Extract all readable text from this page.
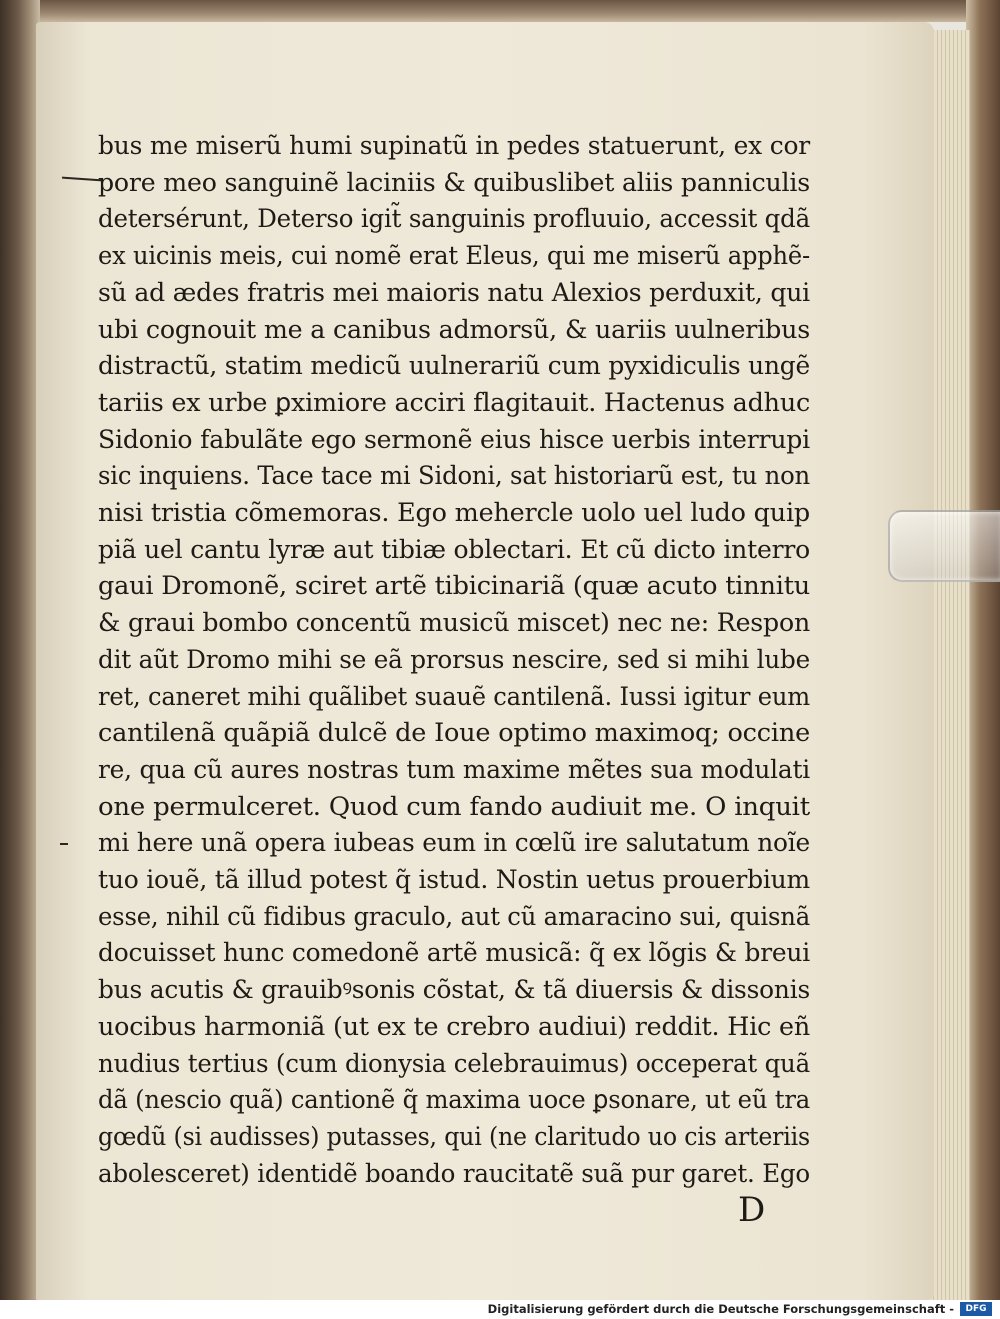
bus me miserũ humi supinatũ in pedes statuerunt, ex cor
pore meo sanguinẽ laciniis & quibuslibet aliis panniculis
detersérunt, Deterso igit̃ sanguinis profluuio, accessit qdã
ex uicinis meis, cui nomẽ erat Eleus, qui me miserũ apphẽ-
sũ ad ædes fratris mei maioris natu Alexios perduxit, qui
ubi cognouit me a canibus admorsũ, & uariis uulneribus
distractũ, statim medicũ uulnerariũ cum pyxidiculis ungẽ
tariis ex urbe ꝑximiore acciri flagitauit. Hactenus adhuc
Sidonio fabulãte ego sermonẽ eius hisce uerbis interrupi
sic inquiens. Tace tace mi Sidoni, sat historiarũ est, tu non
nisi tristia cõmemoras. Ego mehercle uolo uel ludo quip
piã uel cantu lyræ aut tibiæ oblectari. Et cũ dicto interro
gaui Dromonẽ, sciret artẽ tibicinariã (quæ acuto tinnitu
& graui bombo concentũ musicũ miscet) nec ne: Respon
dit aũt Dromo mihi se eã prorsus nescire, sed si mihi lube
ret, caneret mihi quãlibet suauẽ cantilenã. Iussi igitur eum
cantilenã quãpiã dulcẽ de Ioue optimo maximoq; occine
re, qua cũ aures nostras tum maxime mẽtes sua modulati
one permulceret. Quod cum fando audiuit me. O inquit
mi here unã opera iubeas eum in cœlũ ire salutatum noĩe
tuo iouẽ, tã illud potest q̃ istud. Nostin uetus prouerbium
esse, nihil cũ fidibus graculo, aut cũ amaracino sui, quisnã
docuisset hunc comedonẽ artẽ musicã: q̃ ex lõgis & breui
bus acutis & grauibꝰsonis cõstat, & tã diuersis & dissonis
uocibus harmoniã (ut ex te crebro audiui) reddit. Hic eñ
nudius tertius (cum dionysia celebrauimus) occeperat quã
dã (nescio quã) cantionẽ q̃ maxima uoce ꝑsonare, ut eũ tra
gœdũ (si audisses) putasses, qui (ne claritudo uo cis arteriis
abolesceret) identidẽ boando raucitatẽ suã pur garet. Ego
D
Digitalisierung gefördert durch die Deutsche Forschungsgemeinschaft -	DFG
